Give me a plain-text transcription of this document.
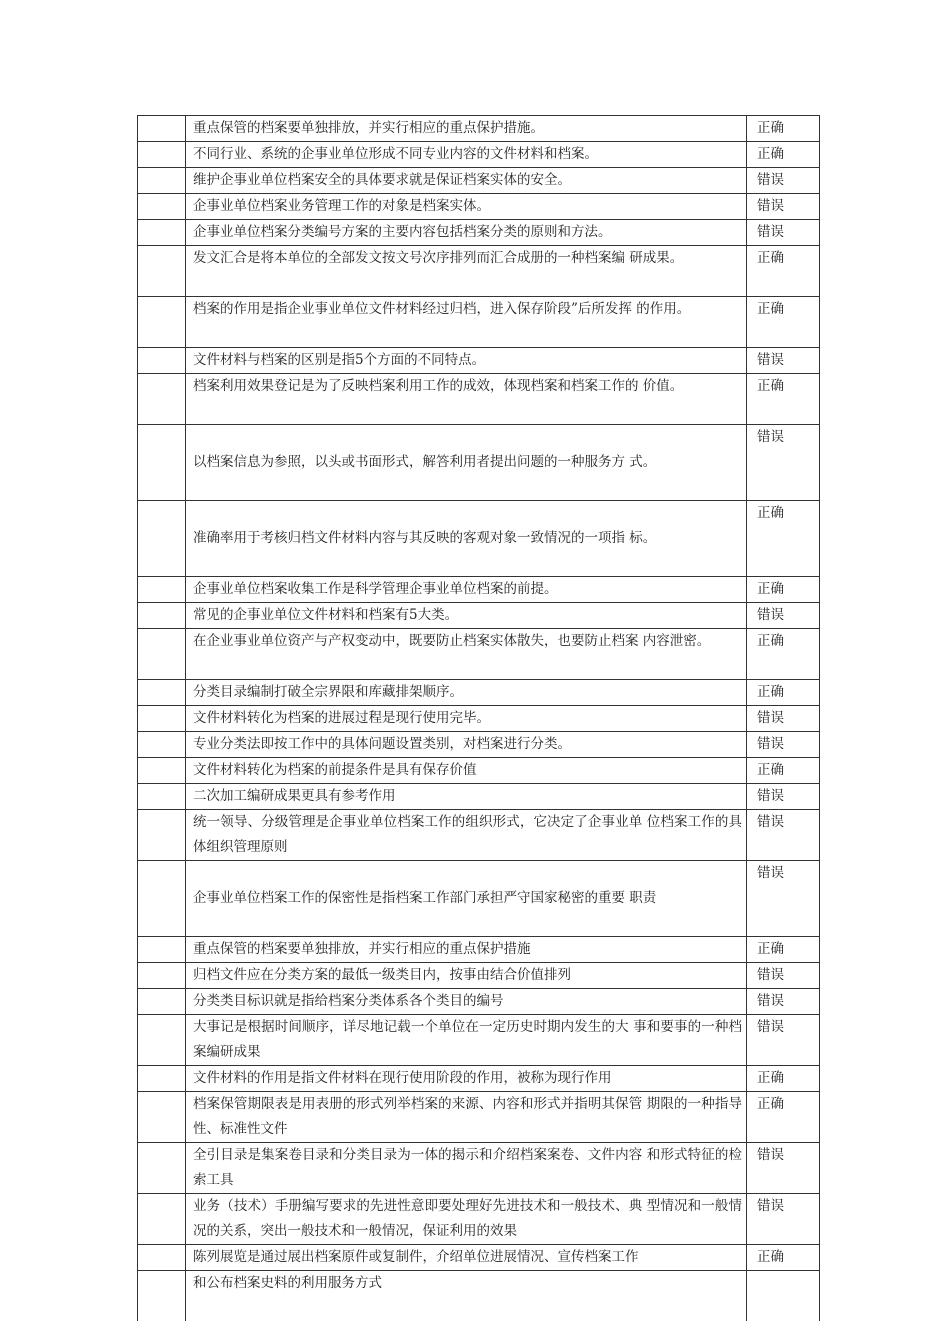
	重点保管的档案要单独排放，并实行相应的重点保护措施。	正确
	不同行业、系统的企事业单位形成不同专业内容的文件材料和档案。	正确
	维护企事业单位档案安全的具体要求就是保证档案实体的安全。	错误
	企事业单位档案业务管理工作的对象是档案实体。	错误
	企事业单位档案分类编号方案的主要内容包括档案分类的原则和方法。	错误
	发文汇合是将本单位的全部发文按文号次序排列而汇合成册的一种档案编 研成果。	正确
	档案的作用是指企业事业单位文件材料经过归档，进入保存阶段”后所发挥 的作用。	正确
	文件材料与档案的区别是指5个方面的不同特点。	错误
	档案利用效果登记是为了反映档案利用工作的成效，体现档案和档案工作的 价值。	正确
	以档案信息为参照，以头或书面形式，解答利用者提出问题的一种服务方 式。	错误
	准确率用于考核归档文件材料内容与其反映的客观对象一致情况的一项指 标。	正确
	企事业单位档案收集工作是科学管理企事业单位档案的前提。	正确
	常见的企事业单位文件材料和档案有5大类。	错误
	在企业事业单位资产与产权变动中，既要防止档案实体散失，也要防止档案 内容泄密。	正确
	分类目录编制打破全宗界限和库藏排架顺序。	正确
	文件材料转化为档案的进展过程是现行使用完毕。	错误
	专业分类法即按工作中的具体问题设置类别，对档案进行分类。	错误
	文件材料转化为档案的前提条件是具有保存价值	正确
	二次加工编研成果更具有参考作用	错误
	统一领导、分级管理是企事业单位档案工作的组织形式，它决定了企事业单 位档案工作的具体组织管理原则	错误
	企事业单位档案工作的保密性是指档案工作部门承担严守国家秘密的重要 职责	错误
	重点保管的档案要单独排放，并实行相应的重点保护措施	正确
	归档文件应在分类方案的最低一级类目内，按事由结合价值排列	错误
	分类类目标识就是指给档案分类体系各个类目的编号	错误
	大事记是根据时间顺序，详尽地记载一个单位在一定历史时期内发生的大 事和要事的一种档案编研成果	错误
	文件材料的作用是指文件材料在现行使用阶段的作用，被称为现行作用	正确
	档案保管期限表是用表册的形式列举档案的来源、内容和形式并指明其保管 期限的一种指导性、标准性文件	正确
	全引目录是集案卷目录和分类目录为一体的揭示和介绍档案案卷、文件内容 和形式特征的检索工具	错误
	业务（技术）手册编写要求的先进性意即要处理好先进技术和一般技术、典 型情况和一般情况的关系，突出一般技术和一般情况，保证利用的效果	错误
	陈列展览是通过展出档案原件或复制件，介绍单位进展情况、宣传档案工作	正确
	和公布档案史料的利用服务方式	
